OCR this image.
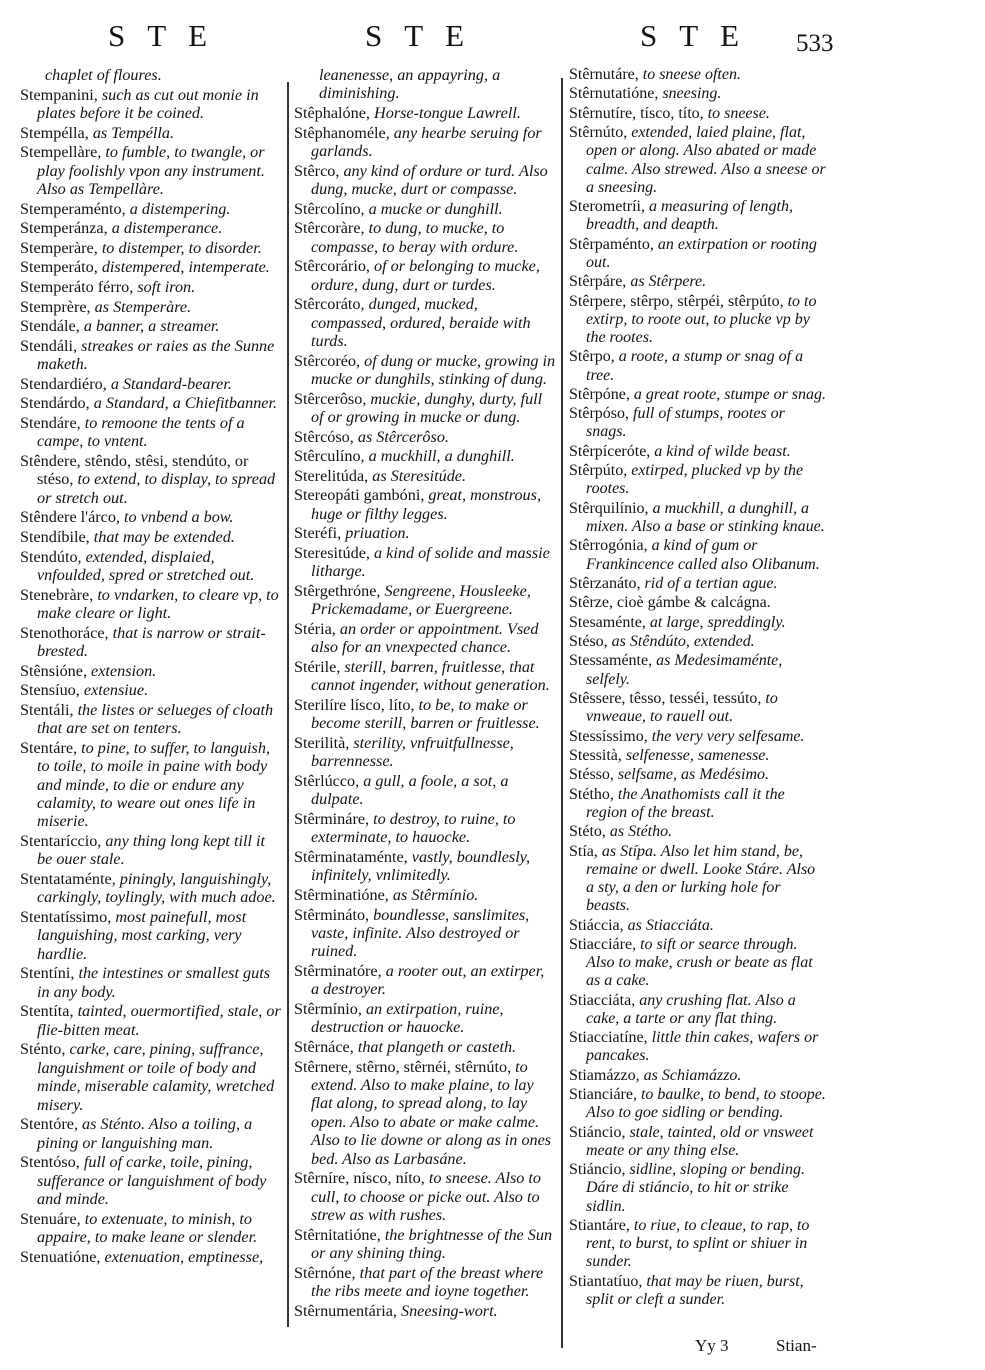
STE	STE	STE 533
chaplet of floures.
Stempanini, such as cut out monie in plates before it be coined.
Stempélla, as Tempélla.
Stempellàre, to fumble, to twangle, or play foolishly vpon any instrument. Also as Tempellàre.
Stemperaménto, a distempering.
Stemperánza, a distemperance.
Stemperàre, to distemper, to disorder.
Stemperáto, distempered, intemperate.
Stemperáto férro, soft iron.
Stemprère, as Stemperàre.
Stendále, a banner, a streamer.
Stendáli, streakes or raies as the Sunne maketh.
Stendardiéro, a Standard-bearer.
Stendárdo, a Standard, a Chiefitbanner.
Stendáre, to remoone the tents of a campe, to vntent.
Stêndere, stêndo, stêsi, stendúto, or stéso, to extend, to display, to spread or stretch out.
Stêndere l'árco, to vnbend a bow.
Stendíbile, that may be extended.
Stendúto, extended, displaied, vnfoulded, spred or stretched out.
Stenebràre, to vndarken, to cleare vp, to make cleare or light.
Stenothoráce, that is narrow or strait-brested.
Stênsióne, extension.
Stensíuo, extensiue.
Stentáli, the listes or selueges of cloath that are set on tenters.
Stentáre, to pine, to suffer, to languish, to toile, to moile in paine with body and minde, to die or endure any calamity, to weare out ones life in miserie.
Stentaríccio, any thing long kept till it be ouer stale.
Stentataménte, piningly, languishingly, carkingly, toylingly, with much adoe.
Stentatíssimo, most painefull, most languishing, most carking, very hardlie.
Stentíni, the intestines or smallest guts in any body.
Stentíta, tainted, ouermortified, stale, or flie-bitten meat.
Sténto, carke, care, pining, suffrance, languishment or toile of body and minde, miserable calamity, wretched misery.
Stentóre, as Sténto. Also a toiling, a pining or languishing man.
Stentóso, full of carke, toile, pining, sufferance or languishment of body and minde.
Stenuáre, to extenuate, to minish, to appaire, to make leane or slender.
Stenuatióne, extenuation, emptinesse,
leanenesse, an appayring, a diminishing.
Stêphalóne, Horse-tongue Lawrell.
Stêphanoméle, any hearbe seruing for garlands.
Stêrco, any kind of ordure or turd. Also dung, mucke, durt or compasse.
Stêrcolíno, a mucke or dunghill.
Stêrcoràre, to dung, to mucke, to compasse, to beray with ordure.
Stêrcorário, of or belonging to mucke, ordure, dung, durt or turdes.
Stêrcoráto, dunged, mucked, compassed, ordured, beraide with turds.
Stêrcoréo, of dung or mucke, growing in mucke or dunghils, stinking of dung.
Stêrcerôso, muckie, dunghy, durty, full of or growing in mucke or dung.
Stêrcóso, as Stêrcerôso.
Stêrculíno, a muckhill, a dunghill.
Sterelitúda, as Steresitúde.
Stereopáti gambóni, great, monstrous, huge or filthy legges.
Steréfi, priuation.
Steresitúde, a kind of solide and massie litharge.
Stêrgethróne, Sengreene, Housleeke, Prickemadame, or Euergreene.
Stéria, an order or appointment. Vsed also for an vnexpected chance.
Stérile, sterill, barren, fruitlesse, that cannot ingender, without generation.
Sterilíre lísco, líto, to be, to make or become sterill, barren or fruitlesse.
Sterilità, sterility, vnfruitfullnesse, barrennesse.
Stêrlúcco, a gull, a foole, a sot, a dulpate.
Stêrmináre, to destroy, to ruine, to exterminate, to hauocke.
Stêrminataménte, vastly, boundlesly, infinitely, vnlimitedly.
Stêrminatióne, as Stêrmínio.
Stêrmináto, boundlesse, sanslimites, vaste, infinite. Also destroyed or ruined.
Stêrminatóre, a rooter out, an extirper, a destroyer.
Stêrmínio, an extirpation, ruine, destruction or hauocke.
Stêrnáce, that plangeth or casteth.
Stêrnere, stêrno, stêrnéi, stêrnúto, to extend. Also to make plaine, to lay flat along, to spread along, to lay open. Also to abate or make calme. Also to lie downe or along as in ones bed. Also as Larbasáne.
Stêrníre, nísco, níto, to sneese. Also to cull, to choose or picke out. Also to strew as with rushes.
Stêrnitatióne, the brightnesse of the Sun or any shining thing.
Stêrnóne, that part of the breast where the ribs meete and ioyne together.
Stêrnumentária, Sneesing-wort.
Stêrnutáre, to sneese often.
Stêrnutatióne, sneesing.
Stêrnutíre, tísco, títo, to sneese.
Stêrnúto, extended, laied plaine, flat, open or along. Also abated or made calme. Also strewed. Also a sneese or a sneesing.
Sterometríi, a measuring of length, breadth, and deapth.
Stêrpaménto, an extirpation or rooting out.
Stêrpáre, as Stêrpere.
Stêrpere, stêrpo, stêrpéi, stêrpúto, to to extirp, to roote out, to plucke vp by the rootes.
Stêrpo, a roote, a stump or snag of a tree.
Stêrpóne, a great roote, stumpe or snag.
Stêrpóso, full of stumps, rootes or snags.
Stêrpíceróte, a kind of wilde beast.
Stêrpúto, extirped, plucked vp by the rootes.
Stêrquilínio, a muckhill, a dunghill, a mixen. Also a base or stinking knaue.
Stêrrogónia, a kind of gum or Frankincence called also Olibanum.
Stêrzanáto, rid of a tertian ague.
Stêrze, cioè gámbe & calcágna.
Stesaménte, at large, spreddingly.
Stéso, as Stêndúto, extended.
Stessaménte, as Medesimaménte, selfely.
Stêssere, têsso, tesséi, tessúto, to vnweaue, to rauell out.
Stessíssimo, the very very selfesame.
Stessità, selfenesse, samenesse.
Stésso, selfsame, as Medésimo.
Stétho, the Anathomists call it the region of the breast.
Stéto, as Stétho.
Stía, as Stípa. Also let him stand, be, remaine or dwell. Looke Stáre. Also a sty, a den or lurking hole for beasts.
Stiáccia, as Stiacciáta.
Stiacciáre, to sift or searce through. Also to make, crush or beate as flat as a cake.
Stiacciáta, any crushing flat. Also a cake, a tarte or any flat thing.
Stiacciatíne, little thin cakes, wafers or pancakes.
Stiamázzo, as Schiamázzo.
Stianciáre, to baulke, to bend, to stoope. Also to goe sidling or bending.
Stiáncio, stale, tainted, old or vnsweet meate or any thing else.
Stiáncio, sidline, sloping or bending. Dáre di stiáncio, to hit or strike sidlin.
Stiantáre, to riue, to cleaue, to rap, to rent, to burst, to splint or shiuer in sunder.
Stiantatíuo, that may be riuen, burst, split or cleft a sunder.
Yy 3	Stian-
